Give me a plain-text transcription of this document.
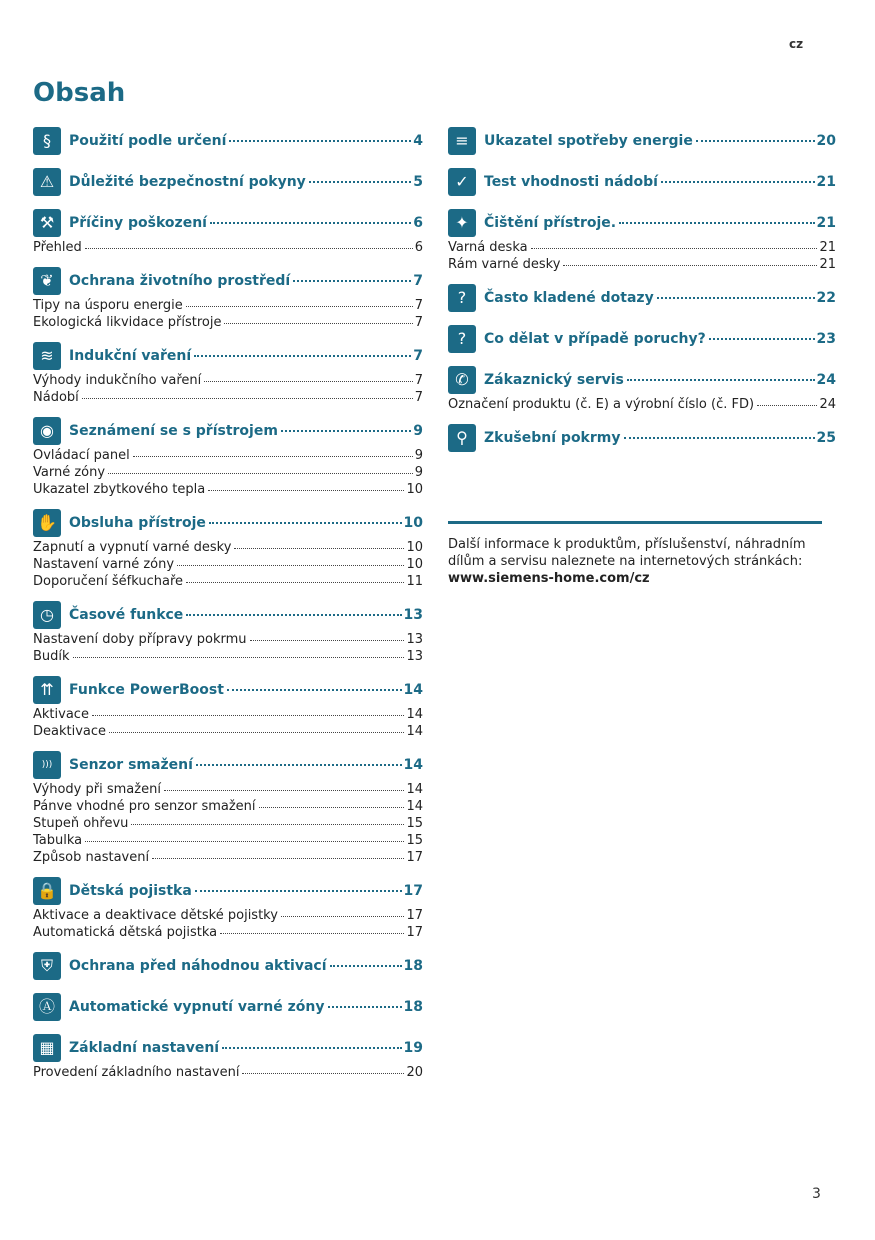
cz
Obsah
§	Použití podle určení	4
⚠	Důležité bezpečnostní pokyny	5
⚒	Příčiny poškození	6
Přehled	6
❦	Ochrana životního prostředí	7
Tipy na úsporu energie	7
Ekologická likvidace přístroje	7
≋	Indukční vaření	7
Výhody indukčního vaření	7
Nádobí	7
◉	Seznámení se s přístrojem	9
Ovládací panel	9
Varné zóny	9
Ukazatel zbytkového tepla	10
✋ Obsluha přístroje	10
Zapnutí a vypnutí varné desky	10
Nastavení varné zóny	10
Doporučení šéfkuchaře	11
◷	Časové funkce	13
Nastavení doby přípravy pokrmu	13
Budík	13
⇈	Funkce PowerBoost	14
Aktivace	14
Deaktivace	14
)))	Senzor smažení	14
Výhody při smažení	14
Pánve vhodné pro senzor smažení	14
Stupeň ohřevu	15
Tabulka	15
Způsob nastavení	17
🔒 Dětská pojistka	17
Aktivace a deaktivace dětské pojistky	17
Automatická dětská pojistka	17
⛨	Ochrana před náhodnou aktivací	18
Ⓐ	Automatické vypnutí varné zóny	18
▦	Základní nastavení	19
Provedení základního nastavení	20
≡	Ukazatel spotřeby energie	20
✓	Test vhodnosti nádobí	21
✦	Čištění přístroje.	21
Varná deska	21
Rám varné desky	21
?	Často kladené dotazy	22
?	Co dělat v případě poruchy?	23
✆	Zákaznický servis	24
Označení produktu (č. E) a výrobní číslo (č. FD)	24
⚲	Zkušební pokrmy	25
Další informace k produktům, příslušenství, náhradním dílům a servisu naleznete na internetových stránkách:
www.siemens-home.com/cz
3
